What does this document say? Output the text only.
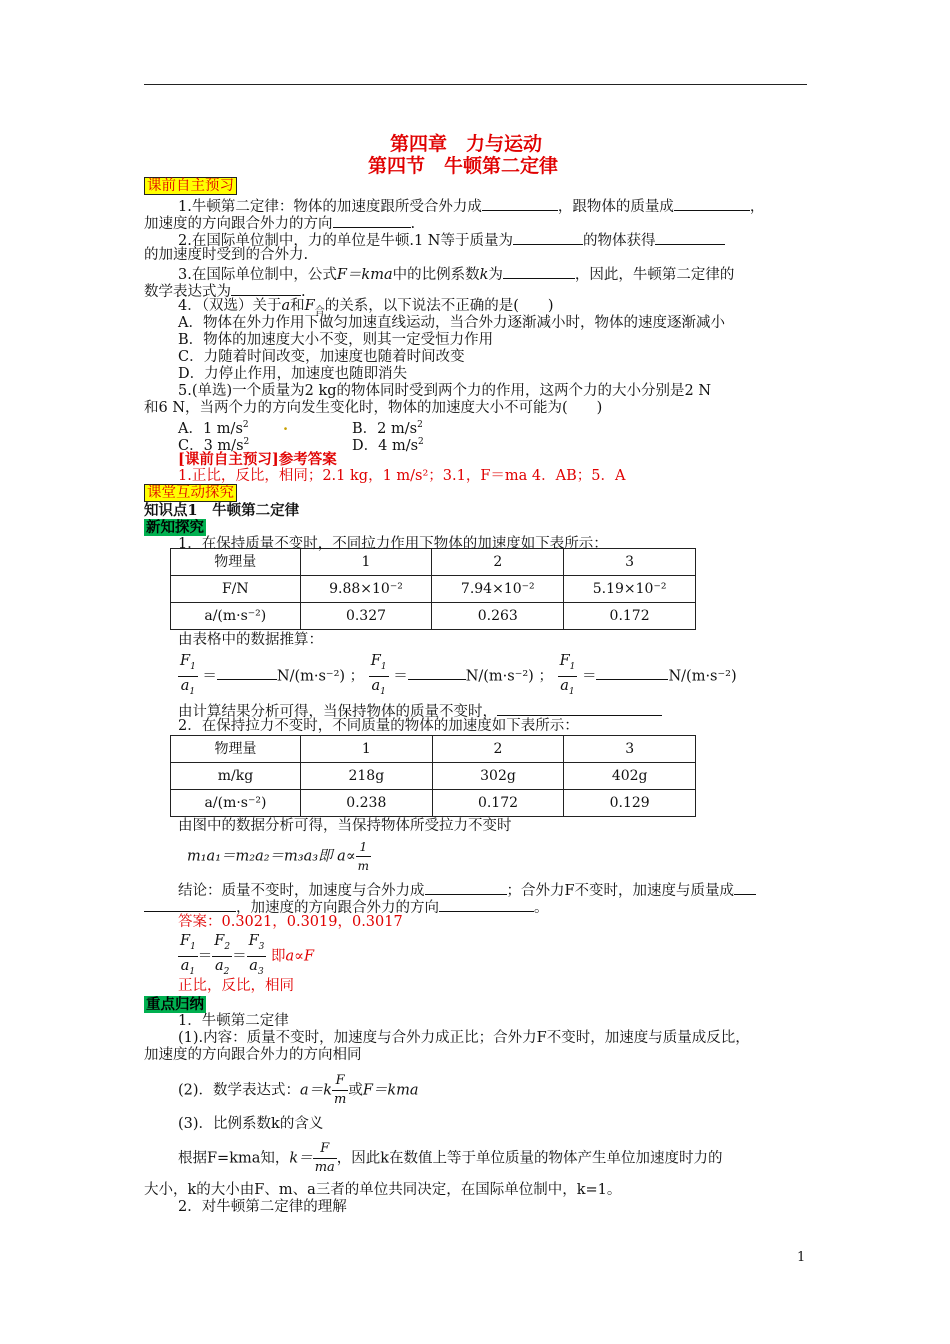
第四章　力与运动
第四节　牛顿第二定律
课前自主预习
1.牛顿第二定律：物体的加速度跟所受合外力成	，跟物体的质量成	，
加速度的方向跟合外力的方向	.
2.在国际单位制中，力的单位是牛顿.1 N等于质量为	的物体获得
的加速度时受到的合外力.
3.在国际单位制中，公式F＝kma中的比例系数k为	，因此，牛顿第二定律的
数学表达式为	.
4．（双选）关于a和$F_合$的关系，以下说法不正确的是(　　)
A．物体在外力作用下做匀加速直线运动，当合外力逐渐减小时，物体的速度逐渐减小
B．物体的加速度大小不变，则其一定受恒力作用
C．力随着时间改变，加速度也随着时间改变
D．力停止作用，加速度也随即消失
5.(单选)一个质量为2 kg的物体同时受到两个力的作用，这两个力的大小分别是2 N
和6 N，当两个力的方向发生变化时，物体的加速度大小不可能为(　　)
A．1 $m/s^2$ .	B．2 $m/s^2$
C．3 $m/s^2$	D．4 $m/s^2$
[课前自主预习]参考答案
1.正比，反比，相同；2.1 kg，1 m/s²；3.1，F＝ma 4．AB；5．A
课堂互动探究
知识点1　牛顿第二定律
新知探究
1．在保持质量不变时，不同拉力作用下物体的加速度如下表所示：
物理量	1	2	3
F/N	9.88×10⁻²	7.94×10⁻²	5.19×10⁻²
a/(m·s⁻²)	0.327	0.263	0.172
由表格中的数据推算：
$\frac{F_1}{a_1}$ ＝	N/(m·s⁻²) ； $\frac{F_1}{a_1}$ ＝	N/(m·s⁻²) ； $\frac{F_1}{a_1}$ ＝	N/(m·s⁻²)
由计算结果分析可得，当保持物体的质量不变时，
2．在保持拉力不变时，不同质量的物体的加速度如下表所示：
物理量	1	2	3
m/kg	218g	302g	402g
a/(m·s⁻²)	0.238	0.172	0.129
由图中的数据分析可得，当保持物体所受拉力不变时
m₁a₁＝m₂a₂＝m₃a₃即 $a\propto \frac{1}{m}$
结论：质量不变时，加速度与合外力成	；合外力F不变时，加速度与质量成
，加速度的方向跟合外力的方向	。
答案：0.3021，0.3019，0.3017
$\frac{F_1}{a_1} = \frac{F_2}{a_2} = \frac{F_3}{a_3}$ 即a∝F
正比，反比，相同
重点归纳
1．牛顿第二定律
(1).内容：质量不变时，加速度与合外力成正比；合外力F不变时，加速度与质量成反比，
加速度的方向跟合外力的方向相同
(2)．数学表达式：$a=k \frac{F}{m}$ 或F＝kma
(3)．比例系数k的含义
根据F=kma知，$k= \frac{F}{ma}$ ，因此k在数值上等于单位质量的物体产生单位加速度时力的
大小，k的大小由F、m、a三者的单位共同决定，在国际单位制中，k=1。
2．对牛顿第二定律的理解
1
